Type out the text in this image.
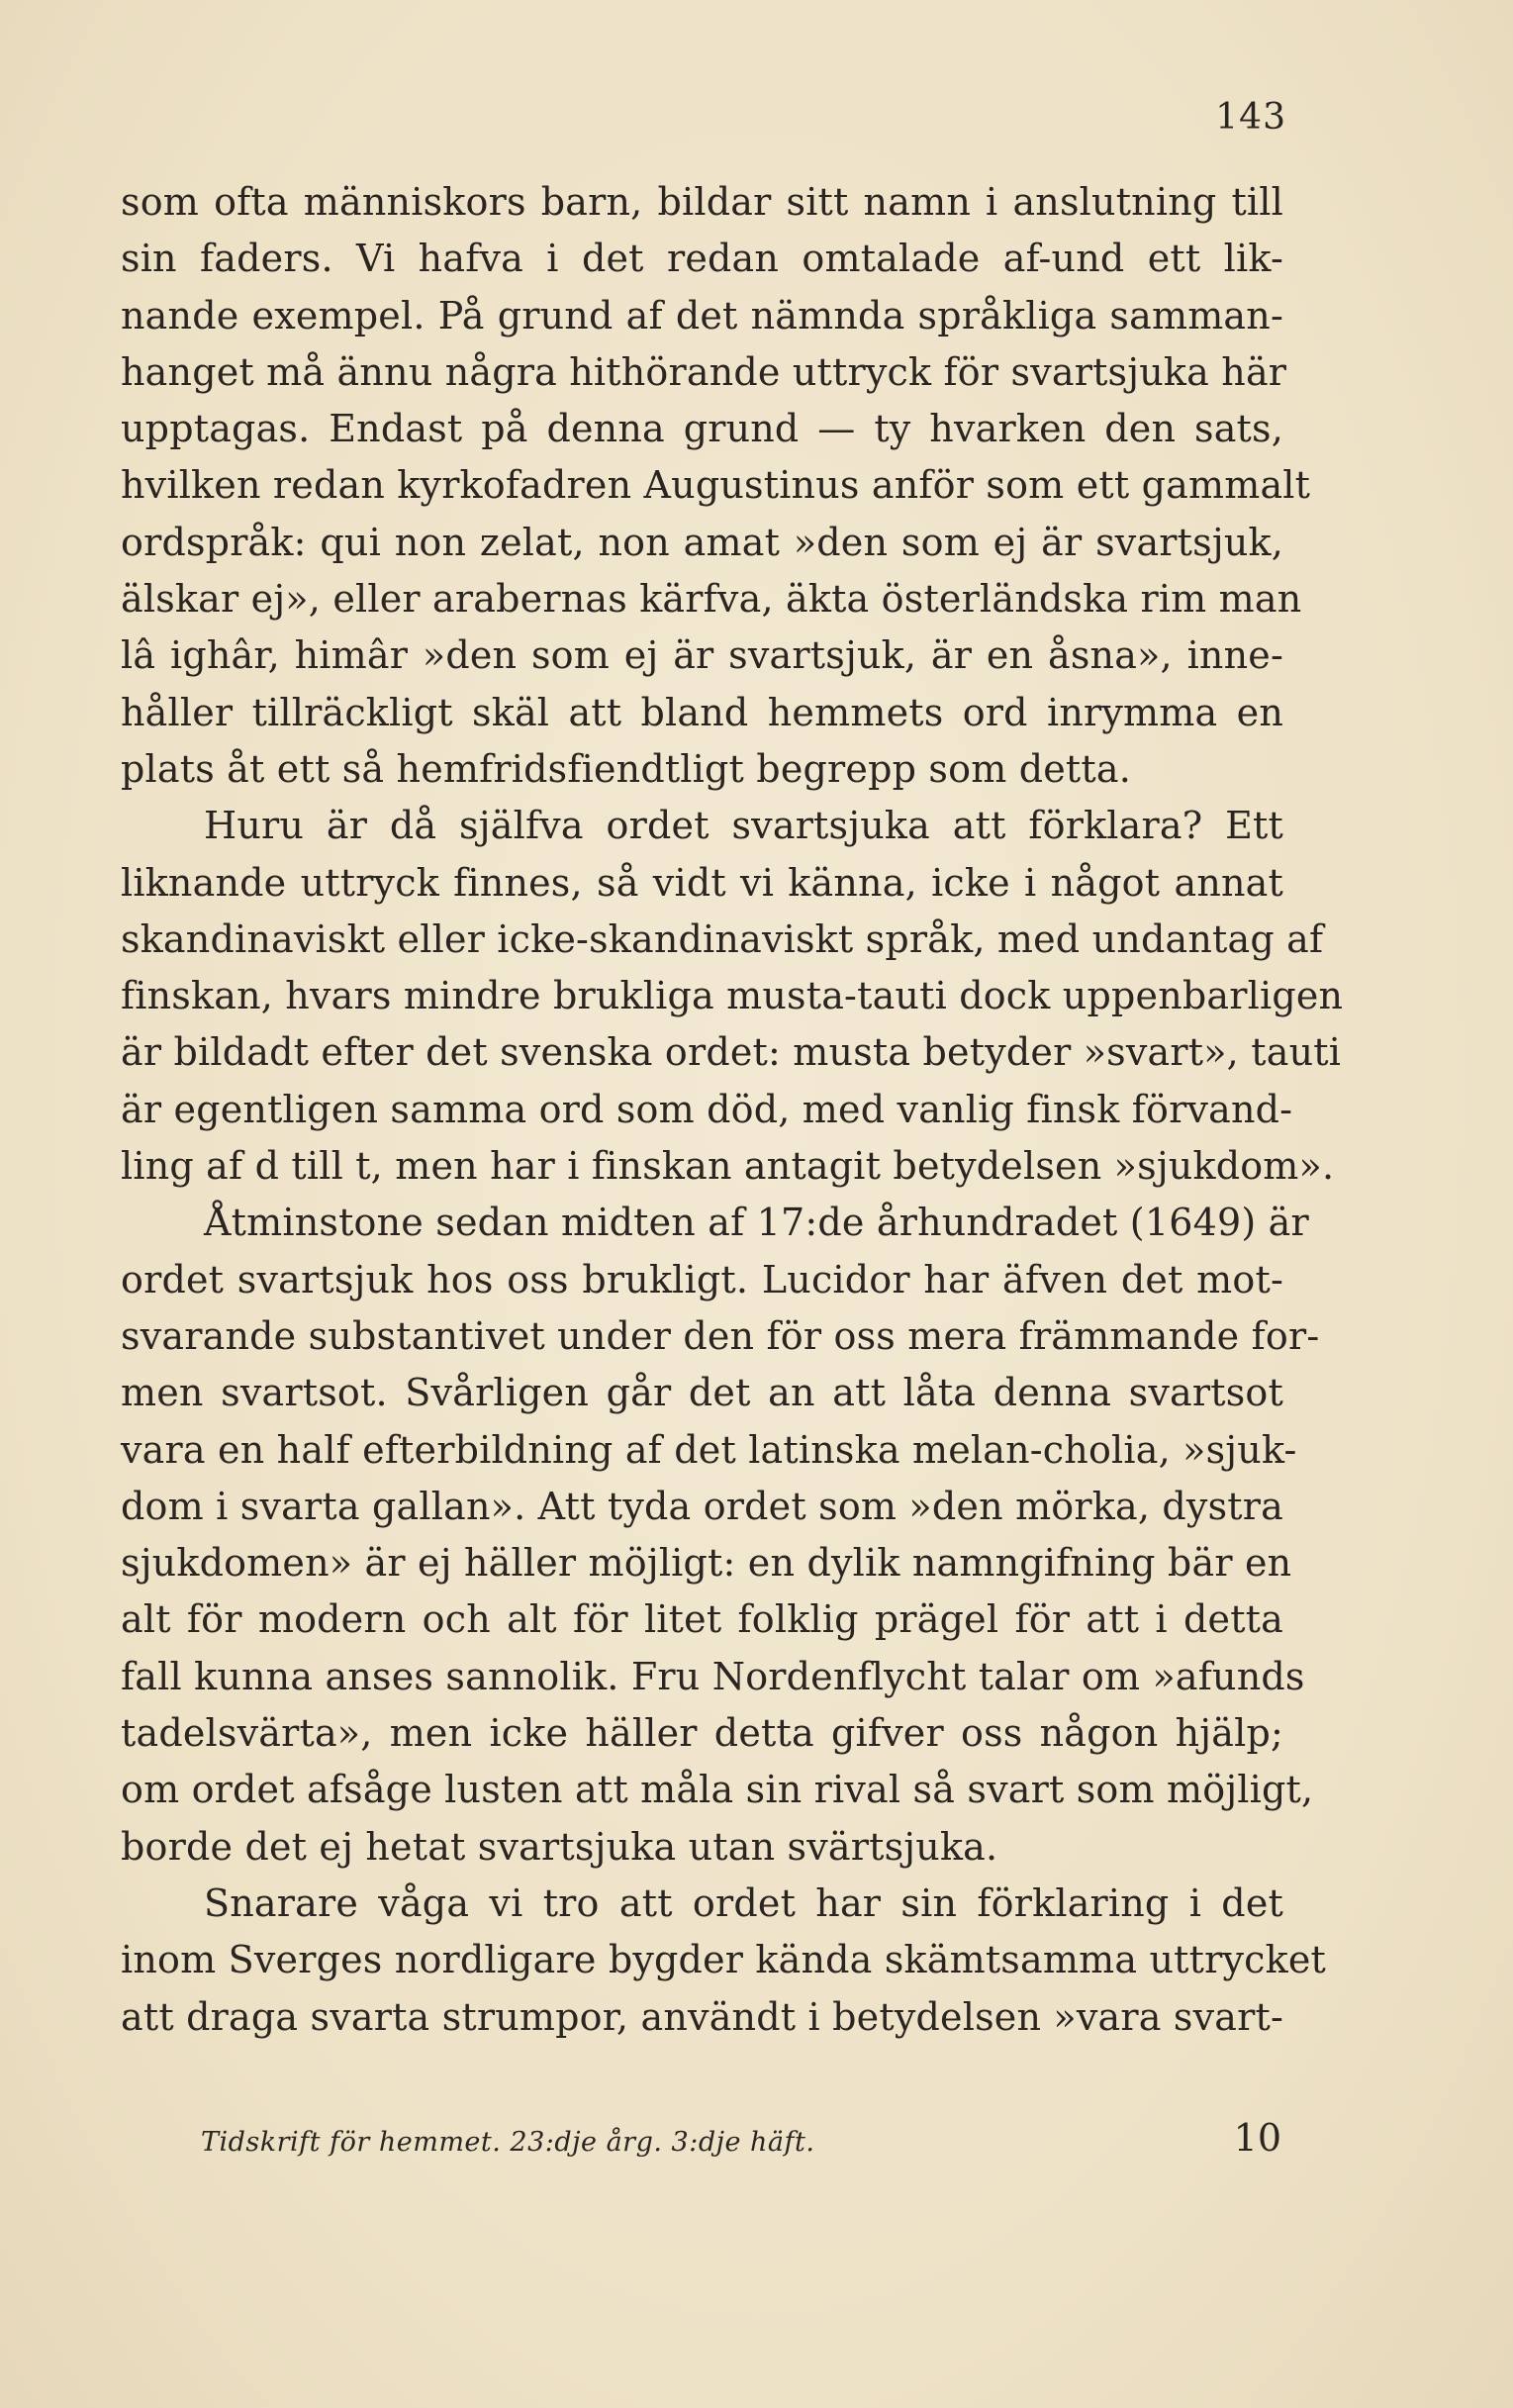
143
som ofta människors barn, bildar sitt namn i anslutning till
sin faders. Vi hafva i det redan omtalade af-und ett lik-
nande exempel. På grund af det nämnda språkliga samman-
hanget må ännu några hithörande uttryck för svartsjuka här
upptagas. Endast på denna grund — ty hvarken den sats,
hvilken redan kyrkofadren Augustinus anför som ett gammalt
ordspråk: qui non zelat, non amat »den som ej är svartsjuk,
älskar ej», eller arabernas kärfva, äkta österländska rim man
lâ ighâr, himâr »den som ej är svartsjuk, är en åsna», inne-
håller tillräckligt skäl att bland hemmets ord inrymma en
plats åt ett så hemfridsfiendtligt begrepp som detta.
Huru är då själfva ordet svartsjuka att förklara? Ett
liknande uttryck finnes, så vidt vi känna, icke i något annat
skandinaviskt eller icke-skandinaviskt språk, med undantag af
finskan, hvars mindre brukliga musta-tauti dock uppenbarligen
är bildadt efter det svenska ordet: musta betyder »svart», tauti
är egentligen samma ord som död, med vanlig finsk förvand-
ling af d till t, men har i finskan antagit betydelsen »sjukdom».
Åtminstone sedan midten af 17:de århundradet (1649) är
ordet svartsjuk hos oss brukligt. Lucidor har äfven det mot-
svarande substantivet under den för oss mera främmande for-
men svartsot. Svårligen går det an att låta denna svartsot
vara en half efterbildning af det latinska melan-cholia, »sjuk-
dom i svarta gallan». Att tyda ordet som »den mörka, dystra
sjukdomen» är ej häller möjligt: en dylik namngifning bär en
alt för modern och alt för litet folklig prägel för att i detta
fall kunna anses sannolik. Fru Nordenflycht talar om »afunds
tadelsvärta», men icke häller detta gifver oss någon hjälp;
om ordet afsåge lusten att måla sin rival så svart som möjligt,
borde det ej hetat svartsjuka utan svärtsjuka.
Snarare våga vi tro att ordet har sin förklaring i det
inom Sverges nordligare bygder kända skämtsamma uttrycket
att draga svarta strumpor, användt i betydelsen »vara svart-
Tidskrift för hemmet. 23:dje årg. 3:dje häft.	10
